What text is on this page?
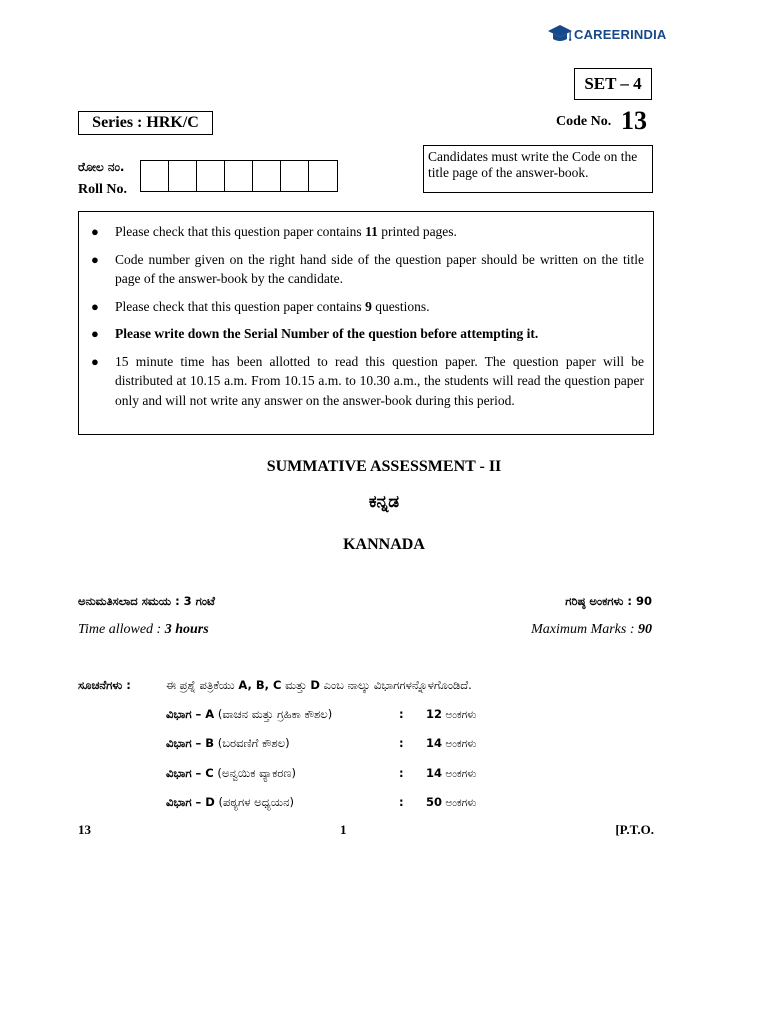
CAREERINDIA
SET – 4
Series : HRK/C	Code No. 13
ರೋಲ ನಂ.
Roll No.
Candidates must write the Code on the title page of the answer-book.
● Please check that this question paper contains 11 printed pages.
● Code number given on the right hand side of the question paper should be written on the title page of the answer-book by the candidate.
● Please check that this question paper contains 9 questions.
● Please write down the Serial Number of the question before attempting it.
● 15 minute time has been allotted to read this question paper. The question paper will be distributed at 10.15 a.m. From 10.15 a.m. to 10.30 a.m., the students will read the question paper only and will not write any answer on the answer-book during this period.
SUMMATIVE ASSESSMENT - II
ಕನ್ನಡ
KANNADA
ಅನುಮತಿಸಲಾದ ಸಮಯ : 3 ಗಂಟೆ	ಗರಿಷ್ಠ ಅಂಕಗಳು : 90
Time allowed : 3 hours	Maximum Marks : 90
ಸೂಚನೆಗಳು :	ಈ ಪ್ರಶ್ನೆ ಪತ್ರಿಕೆಯು A, B, C ಮತ್ತು D ಎಂಬ ನಾಲ್ಕು ವಿಭಾಗಗಳನ್ನೊಳಗೊಂಡಿದೆ.
ವಿಭಾಗ – A (ವಾಚನ ಮತ್ತು ಗ್ರಹಿಕಾ ಕೌಶಲ)	: 12 ಅಂಕಗಳು
ವಿಭಾಗ – B (ಬರವಣಿಗೆ ಕೌಶಲ)	: 14 ಅಂಕಗಳು
ವಿಭಾಗ – C (ಅನ್ವಯಿಕ ವ್ಯಾಕರಣ)	: 14 ಅಂಕಗಳು
ವಿಭಾಗ – D (ಪಠ್ಯಗಳ ಅಧ್ಯಯನ)	: 50 ಅಂಕಗಳು
13	1	[P.T.O.
